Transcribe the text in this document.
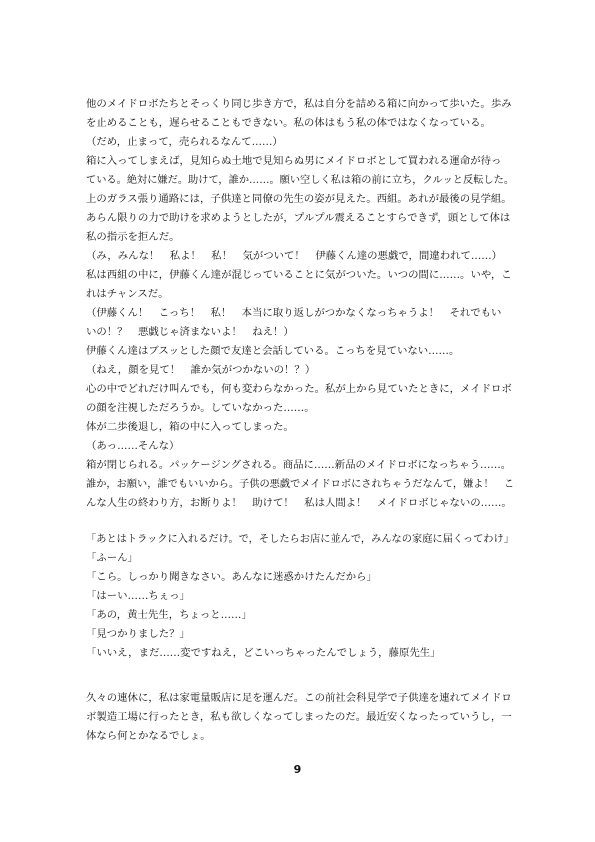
他のメイドロボたちとそっくり同じ歩き方で，私は自分を詰める箱に向かって歩いた。歩み
を止めることも，遅らせることもできない。私の体はもう私の体ではなくなっている。
（だめ，止まって，売られるなんて……）
箱に入ってしまえば，見知らぬ土地で見知らぬ男にメイドロボとして買われる運命が待っ
ている。絶対に嫌だ。助けて，誰か……。願い空しく私は箱の前に立ち，クルッと反転した。
上のガラス張り通路には，子供達と同僚の先生の姿が見えた。西組。あれが最後の見学組。
あらん限りの力で助けを求めようとしたが，プルプル震えることすらできず，頭として体は
私の指示を拒んだ。
（み，みんな！　私よ！　私！　気がついて！　伊藤くん達の悪戯で，間違われて……）
私は西組の中に，伊藤くん達が混じっていることに気がついた。いつの間に……。いや，こ
れはチャンスだ。
（伊藤くん！　こっち！　私！　本当に取り返しがつかなくなっちゃうよ！　それでもい
いの！？　悪戯じゃ済まないよ！　ねえ！）
伊藤くん達はブスッとした顔で友達と会話している。こっちを見ていない……。
（ねえ，顔を見て！　誰か気がつかないの！？）
心の中でどれだけ叫んでも，何も変わらなかった。私が上から見ていたときに，メイドロボ
の顔を注視しただろうか。していなかった……。
体が二歩後退し，箱の中に入ってしまった。
（あっ……そんな）
箱が閉じられる。パッケージングされる。商品に……新品のメイドロボになっちゃう……。
誰か，お願い，誰でもいいから。子供の悪戯でメイドロボにされちゃうだなんて，嫌よ！　こ
んな人生の終わり方，お断りよ！　助けて！　私は人間よ！　メイドロボじゃないの……。
「あとはトラックに入れるだけ。で，そしたらお店に並んで，みんなの家庭に届くってわけ」
「ふーん」
「こら。しっかり聞きなさい。あんなに迷惑かけたんだから」
「はーい……ちぇっ」
「あの，黄士先生，ちょっと……」
「見つかりました？」
「いいえ，まだ……変ですねえ，どこいっちゃったんでしょう，藤原先生」
久々の連休に，私は家電量販店に足を運んだ。この前社会科見学で子供達を連れてメイドロ
ボ製造工場に行ったとき，私も欲しくなってしまったのだ。最近安くなったっていうし，一
体なら何とかなるでしょ。
9
